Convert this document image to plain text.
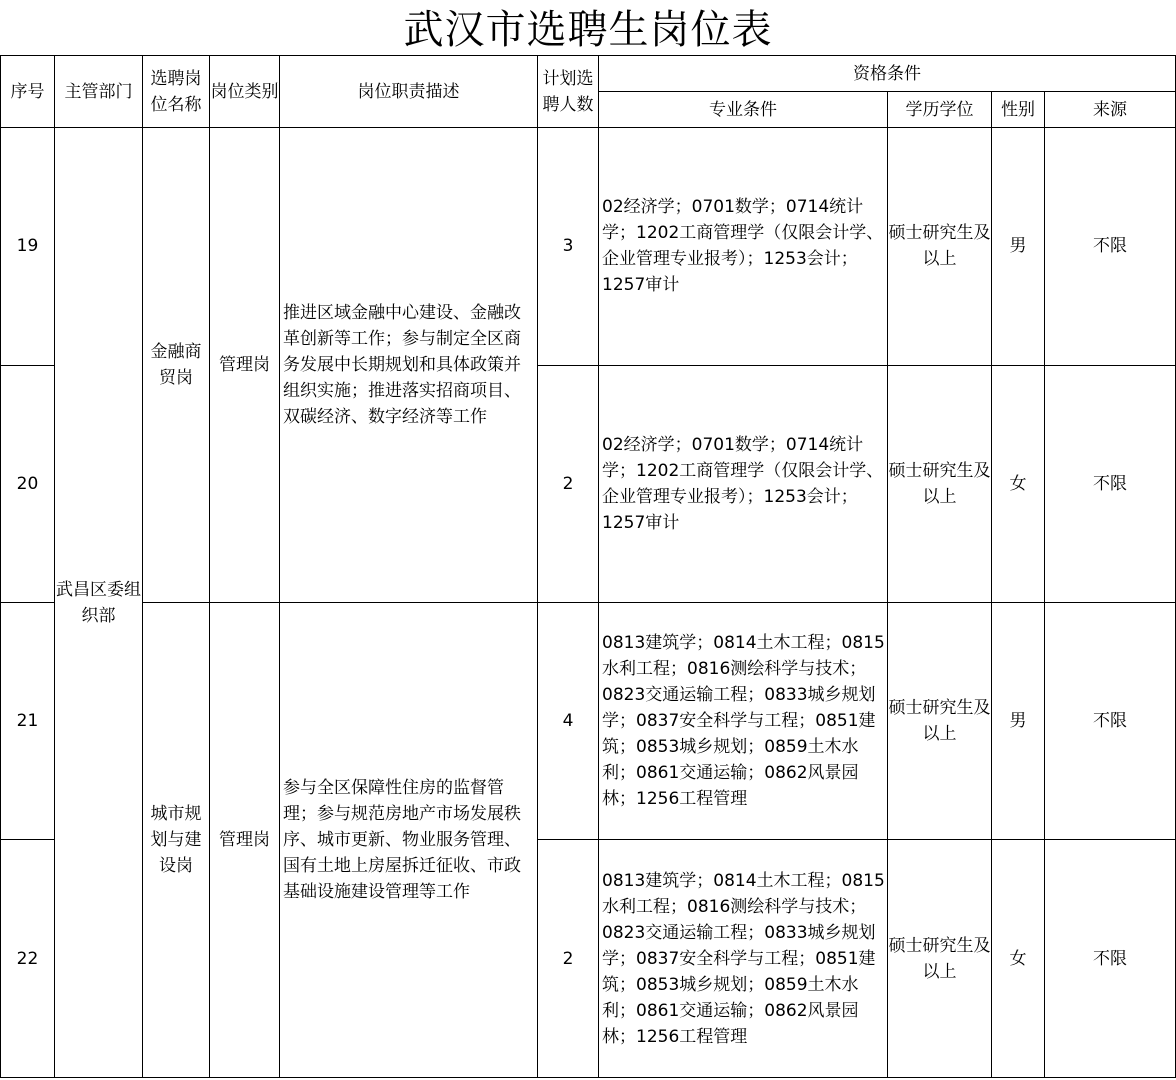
武汉市选聘生岗位表
序号	主管部门	选聘岗位名称	岗位类别	岗位职责描述	计划选聘人数	资格条件			
						专业条件	学历学位	性别	来源
19	武昌区委组织部	金融商贸岗	管理岗	推进区域金融中心建设、金融改革创新等工作；参与制定全区商务发展中长期规划和具体政策并组织实施；推进落实招商项目、双碳经济、数字经济等工作	3	02经济学；0701数学；0714统计学；1202工商管理学（仅限会计学、企业管理专业报考）；1253会计；1257审计	硕士研究生及以上	男	不限
20					2	02经济学；0701数学；0714统计学；1202工商管理学（仅限会计学、企业管理专业报考）；1253会计；1257审计	硕士研究生及以上	女	不限
21		城市规划与建设岗	管理岗	参与全区保障性住房的监督管理；参与规范房地产市场发展秩序、城市更新、物业服务管理、国有土地上房屋拆迁征收、市政基础设施建设管理等工作	4	0813建筑学；0814土木工程；0815水利工程；0816测绘科学与技术；0823交通运输工程；0833城乡规划学；0837安全科学与工程；0851建筑；0853城乡规划；0859土木水利；0861交通运输；0862风景园林；1256工程管理	硕士研究生及以上	男	不限
22					2	0813建筑学；0814土木工程；0815水利工程；0816测绘科学与技术；0823交通运输工程；0833城乡规划学；0837安全科学与工程；0851建筑；0853城乡规划；0859土木水利；0861交通运输；0862风景园林；1256工程管理	硕士研究生及以上	女	不限
